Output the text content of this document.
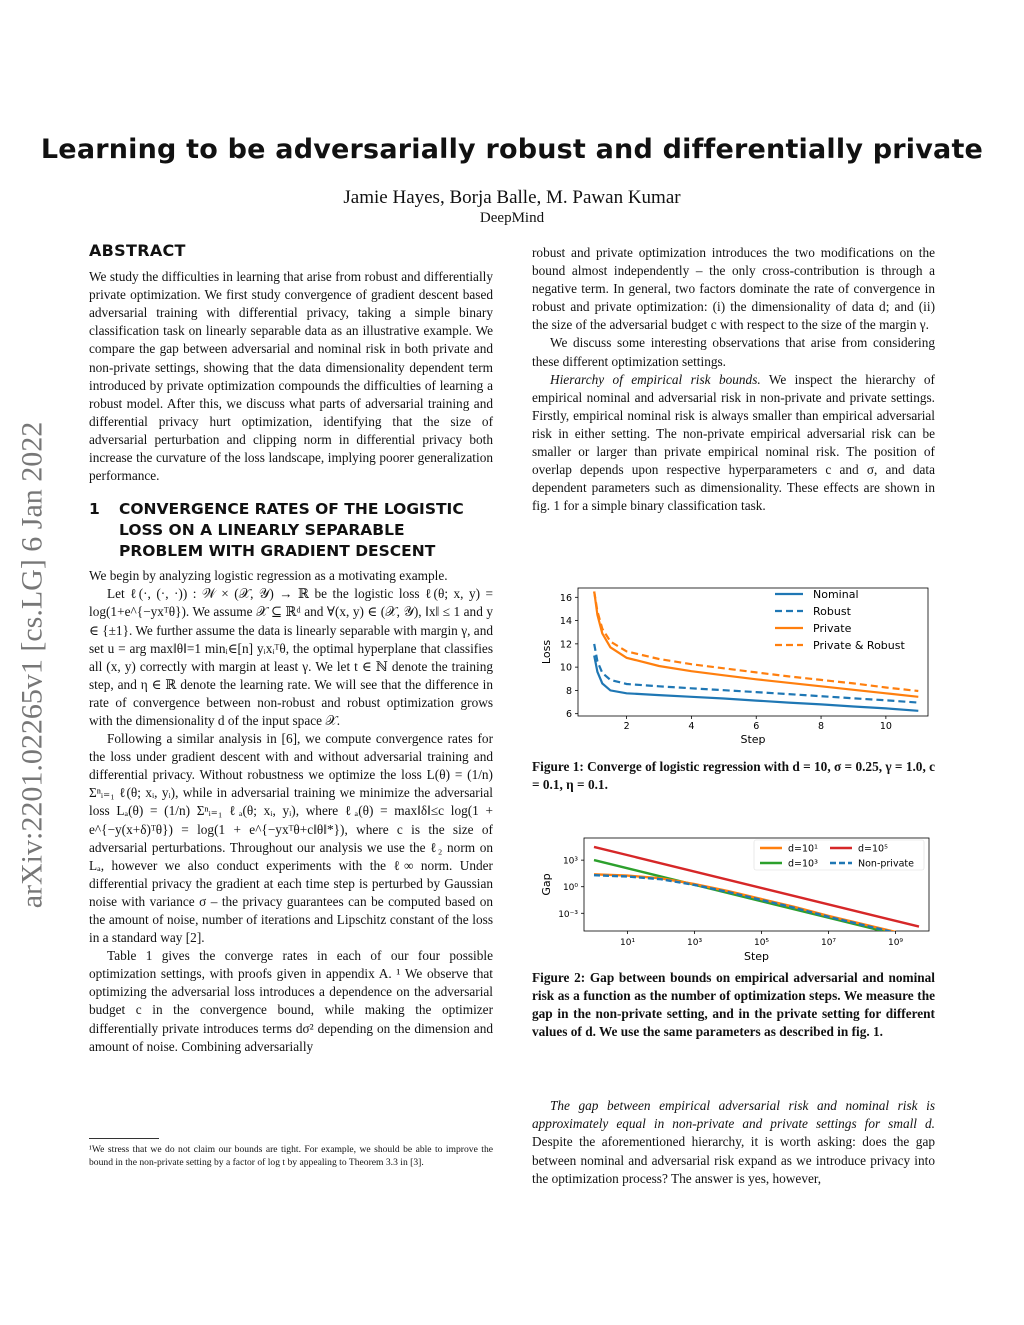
arXiv:2201.02265v1 [cs.LG] 6 Jan 2022
Learning to be adversarially robust and differentially private
Jamie Hayes, Borja Balle, M. Pawan Kumar
DeepMind
ABSTRACT

We study the difficulties in learning that arise from robust and differentially private optimization. We first study convergence of gradient descent based adversarial training with differential privacy, taking a simple binary classification task on linearly separable data as an illustrative example. We compare the gap between adversarial and nominal risk in both private and non-private settings, showing that the data dimensionality dependent term introduced by private optimization compounds the difficulties of learning a robust model. After this, we discuss what parts of adversarial training and differential privacy hurt optimization, identifying that the size of adversarial perturbation and clipping norm in differential privacy both increase the curvature of the loss landscape, implying poorer generalization performance.

1	CONVERGENCE RATES OF THE LOGISTIC LOSS ON A LINEARLY SEPARABLE PROBLEM WITH GRADIENT DESCENT

We begin by analyzing logistic regression as a motivating example.

Let ℓ(·, (·, ·)) : 𝒲 × (𝒳, 𝒴) → ℝ be the logistic loss ℓ(θ; x, y) = log(1+e^{−yxᵀθ}). We assume 𝒳 ⊆ ℝᵈ and ∀(x, y) ∈ (𝒳, 𝒴), ‖x‖ ≤ 1 and y ∈ {±1}. We further assume the data is linearly separable with margin γ, and set u = arg max‖θ‖=1 minᵢ∈[n] yᵢxᵢᵀθ, the optimal hyperplane that classifies all (x, y) correctly with margin at least γ. We let t ∈ ℕ denote the training step, and η ∈ ℝ denote the learning rate. We will see that the difference in rate of convergence between non-robust and robust optimization grows with the dimensionality d of the input space 𝒳.

Following a similar analysis in [6], we compute convergence rates for the loss under gradient descent with and without adversarial training and differential privacy. Without robustness we optimize the loss L(θ) = (1/n) Σⁿᵢ₌₁ ℓ(θ; xᵢ, yᵢ), while in adversarial training we minimize the adversarial loss Lₐ(θ) = (1/n) Σⁿᵢ₌₁ ℓₐ(θ; xᵢ, yᵢ), where ℓₐ(θ) = max‖δ‖≤c log(1 + e^{−y(x+δ)ᵀθ}) = log(1 + e^{−yxᵀθ+c‖θ‖*}), where c is the size of adversarial perturbations. Throughout our analysis we use the ℓ₂ norm on Lₐ, however we also conduct experiments with the ℓ∞ norm. Under differential privacy the gradient at each time step is perturbed by Gaussian noise with variance σ – the privacy guarantees can be computed based on the amount of noise, number of iterations and Lipschitz constant of the loss in a standard way [2].

Table 1 gives the converge rates in each of our four possible optimization settings, with proofs given in appendix A. ¹ We observe that optimizing the adversarial loss introduces a dependence on the adversarial budget c in the convergence bound, while making the optimizer differentially private introduces terms dσ² depending on the dimension and amount of noise. Combining adversarially

¹We stress that we do not claim our bounds are tight. For example, we should be able to improve the bound in the non-private setting by a factor of log t by appealing to Theorem 3.3 in [3].

robust and private optimization introduces the two modifications on the bound almost independently – the only cross-contribution is through a negative term. In general, two factors dominate the rate of convergence in robust and private optimization: (i) the dimensionality of data d; and (ii) the size of the adversarial budget c with respect to the size of the margin γ.

We discuss some interesting observations that arise from considering these different optimization settings.

Hierarchy of empirical risk bounds. We inspect the hierarchy of empirical nominal and adversarial risk in non-private and private settings. Firstly, empirical nominal risk is always smaller than empirical adversarial risk in either setting. The non-private empirical adversarial risk can be smaller or larger than private empirical nominal risk. The position of overlap depends upon respective hyperparameters c and σ, and data dependent parameters such as dimensionality. These effects are shown in fig. 1 for a simple binary classification task.

2	4	6	8	10
6
8
10
12
14
16
Step
Loss
Nominal
Robust
Private
Private & Robust
Figure 1: Converge of logistic regression with d = 10, σ = 0.25, γ = 1.0, c = 0.1, η = 0.1.
10¹	10³	10⁵	10⁷	10⁹
10³
10⁰
10⁻³
Step
Gap
d=10¹
d=10³
d=10⁵
Non-private
Figure 2: Gap between bounds on empirical adversarial and nominal risk as a function as the number of optimization steps. We measure the gap in the non-private setting, and in the private setting for different values of d. We use the same parameters as described in fig. 1.

The gap between empirical adversarial risk and nominal risk is approximately equal in non-private and private settings for small d. Despite the aforementioned hierarchy, it is worth asking: does the gap between nominal and adversarial risk expand as we introduce privacy into the optimization process? The answer is yes, however,
